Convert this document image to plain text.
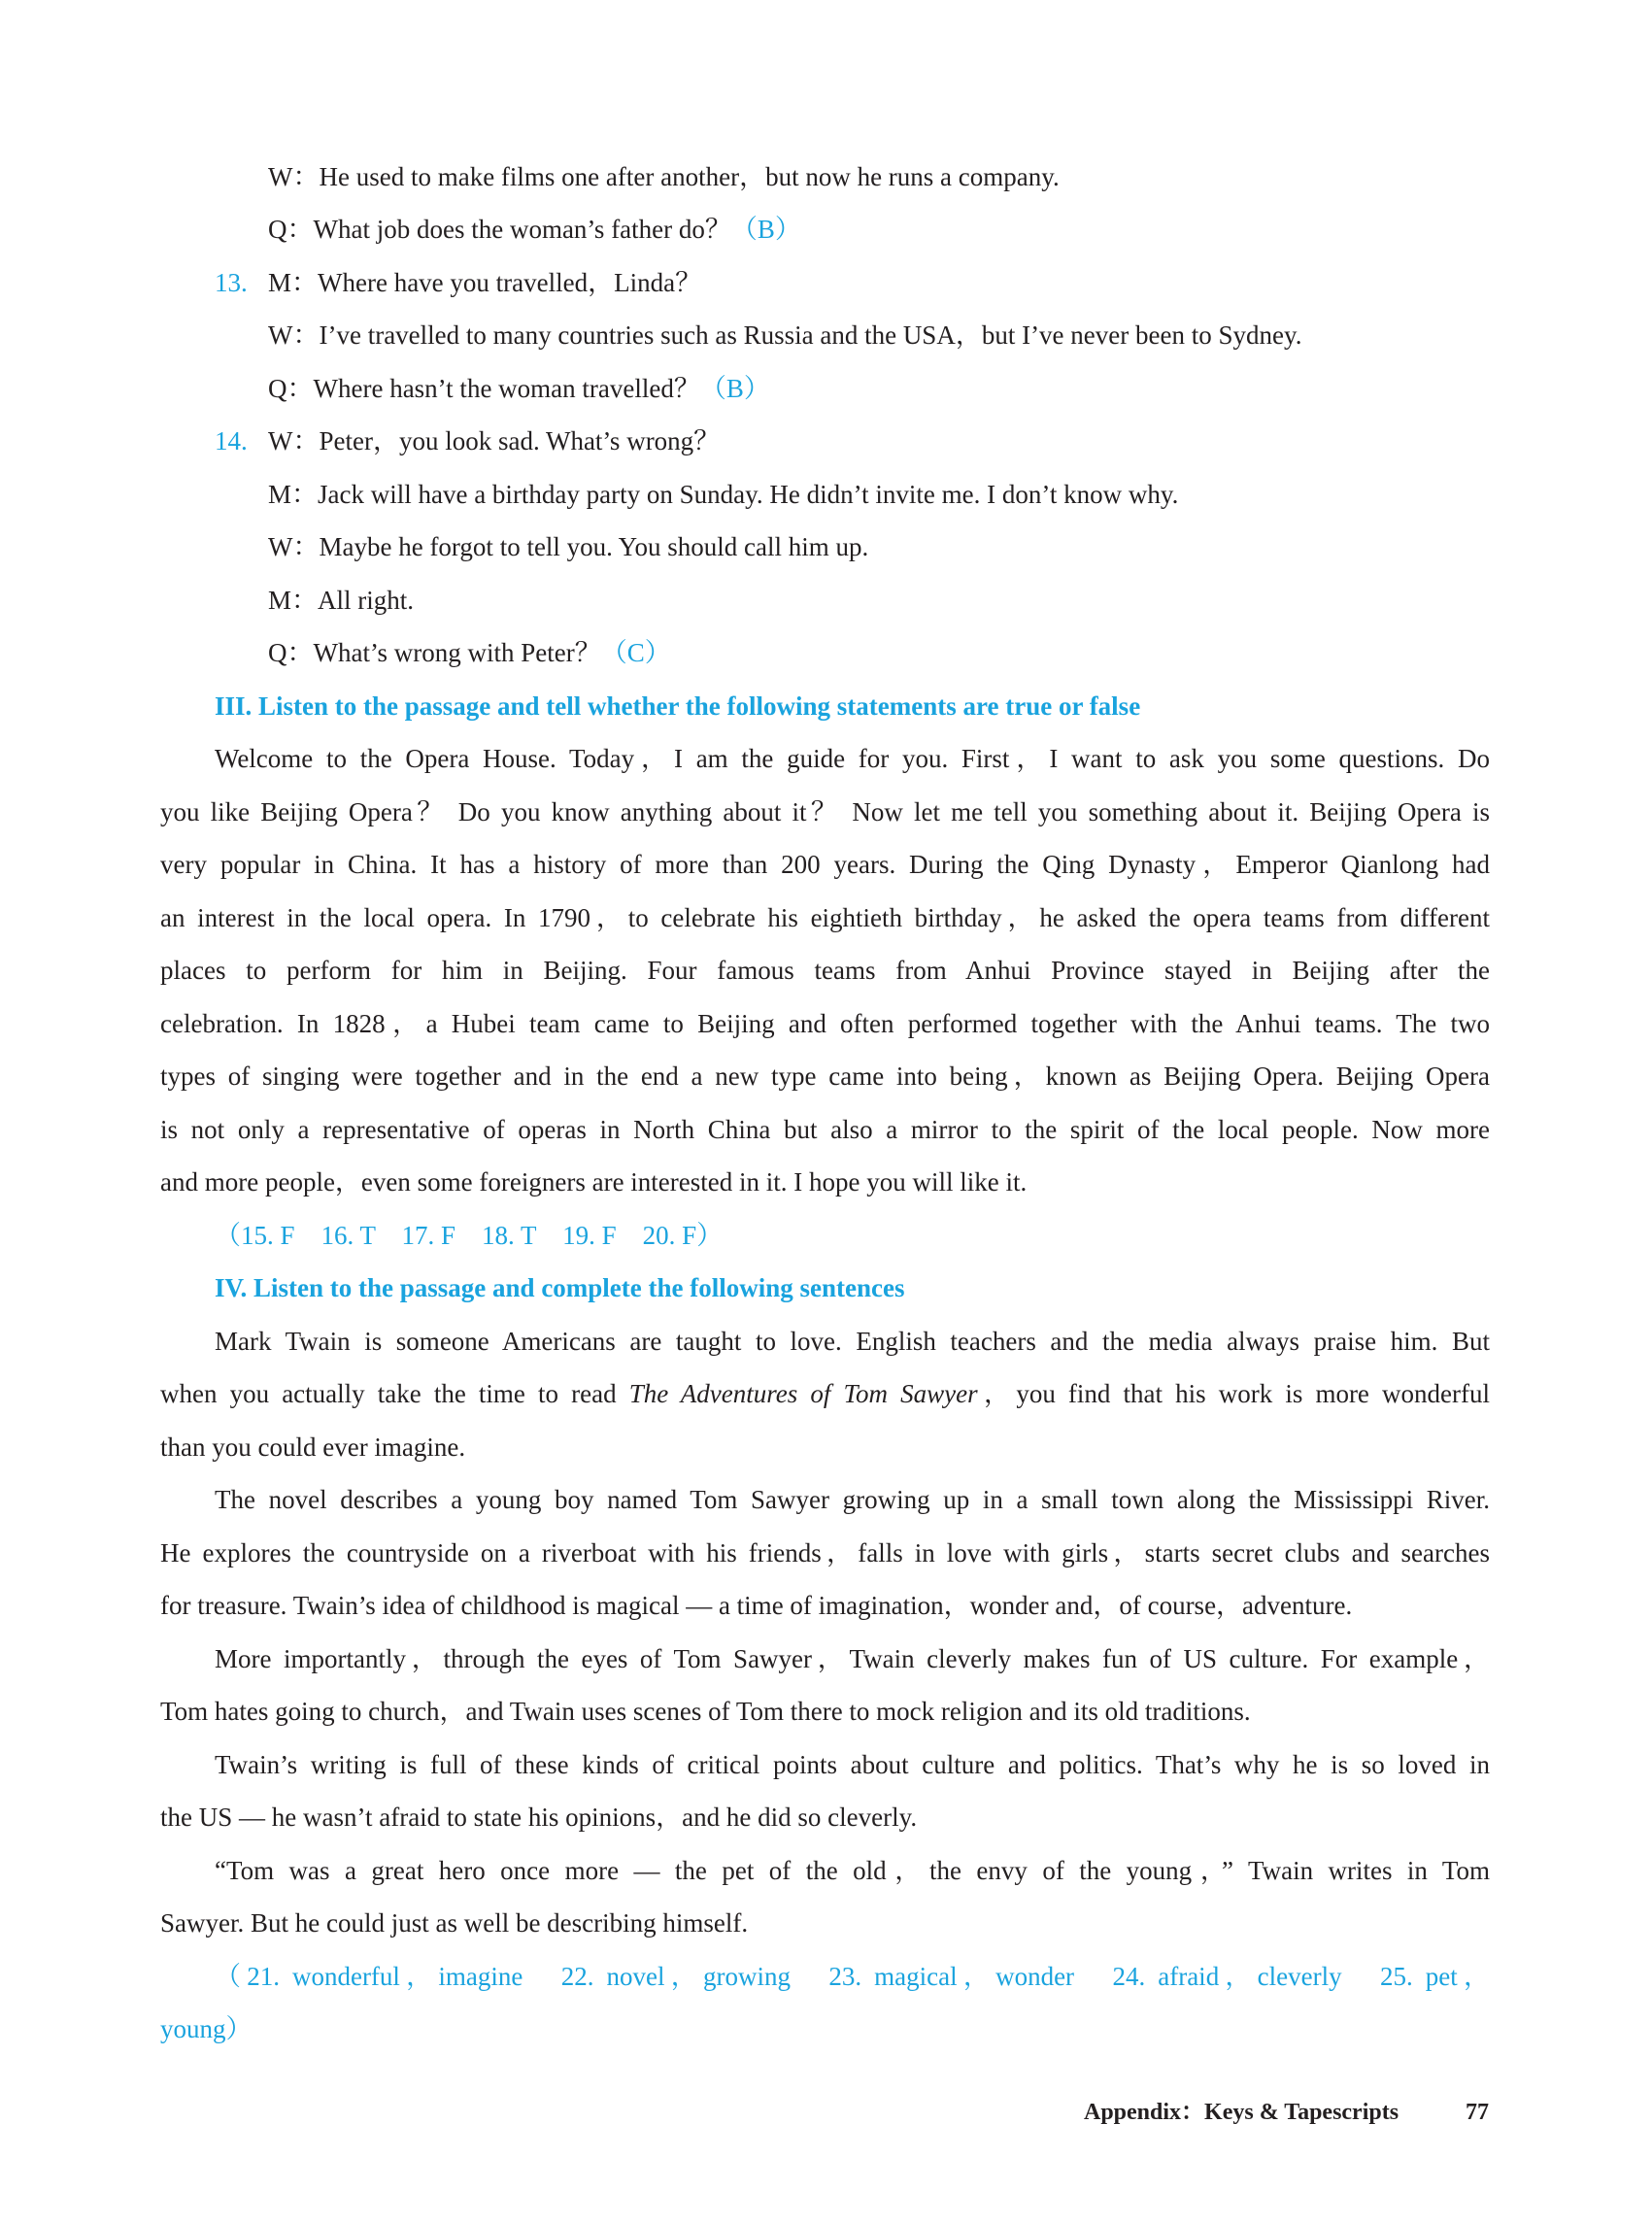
W：He used to make films one after another，but now he runs a company.
Q：What job does the woman’s father do？（B）
13. M：Where have you travelled，Linda？
W：I’ve travelled to many countries such as Russia and the USA，but I’ve never been to Sydney.
Q：Where hasn’t the woman travelled？（B）
14. W：Peter，you look sad. What’s wrong？
M：Jack will have a birthday party on Sunday. He didn’t invite me. I don’t know why.
W：Maybe he forgot to tell you. You should call him up.
M：All right.
Q：What’s wrong with Peter？（C）
III. Listen to the passage and tell whether the following statements are true or false
Welcome to the Opera House. Today，I am the guide for you. First，I want to ask you some questions. Do
you like Beijing Opera？ Do you know anything about it？ Now let me tell you something about it. Beijing Opera is
very popular in China. It has a history of more than 200 years. During the Qing Dynasty，Emperor Qianlong had
an interest in the local opera. In 1790，to celebrate his eightieth birthday，he asked the opera teams from different
places to perform for him in Beijing. Four famous teams from Anhui Province stayed in Beijing after the
celebration. In 1828，a Hubei team came to Beijing and often performed together with the Anhui teams. The two
types of singing were together and in the end a new type came into being，known as Beijing Opera. Beijing Opera
is not only a representative of operas in North China but also a mirror to the spirit of the local people. Now more
and more people，even some foreigners are interested in it. I hope you will like it.
（15. F　16. T　17. F　18. T　19. F　20. F）
IV. Listen to the passage and complete the following sentences
Mark Twain is someone Americans are taught to love. English teachers and the media always praise him. But
when you actually take the time to read The Adventures of Tom Sawyer，you find that his work is more wonderful
than you could ever imagine.
The novel describes a young boy named Tom Sawyer growing up in a small town along the Mississippi River.
He explores the countryside on a riverboat with his friends，falls in love with girls，starts secret clubs and searches
for treasure. Twain’s idea of childhood is magical — a time of imagination，wonder and，of course，adventure.
More importantly，through the eyes of Tom Sawyer，Twain cleverly makes fun of US culture. For example，
Tom hates going to church，and Twain uses scenes of Tom there to mock religion and its old traditions.
Twain’s writing is full of these kinds of critical points about culture and politics. That’s why he is so loved in
the US — he wasn’t afraid to state his opinions，and he did so cleverly.
“Tom was a great hero once more — the pet of the old，the envy of the young，” Twain writes in Tom
Sawyer. But he could just as well be describing himself.
（21. wonderful，imagine　22. novel，growing　23. magical，wonder　24. afraid，cleverly　25. pet，
young）
Appendix：Keys & Tapescripts	77
